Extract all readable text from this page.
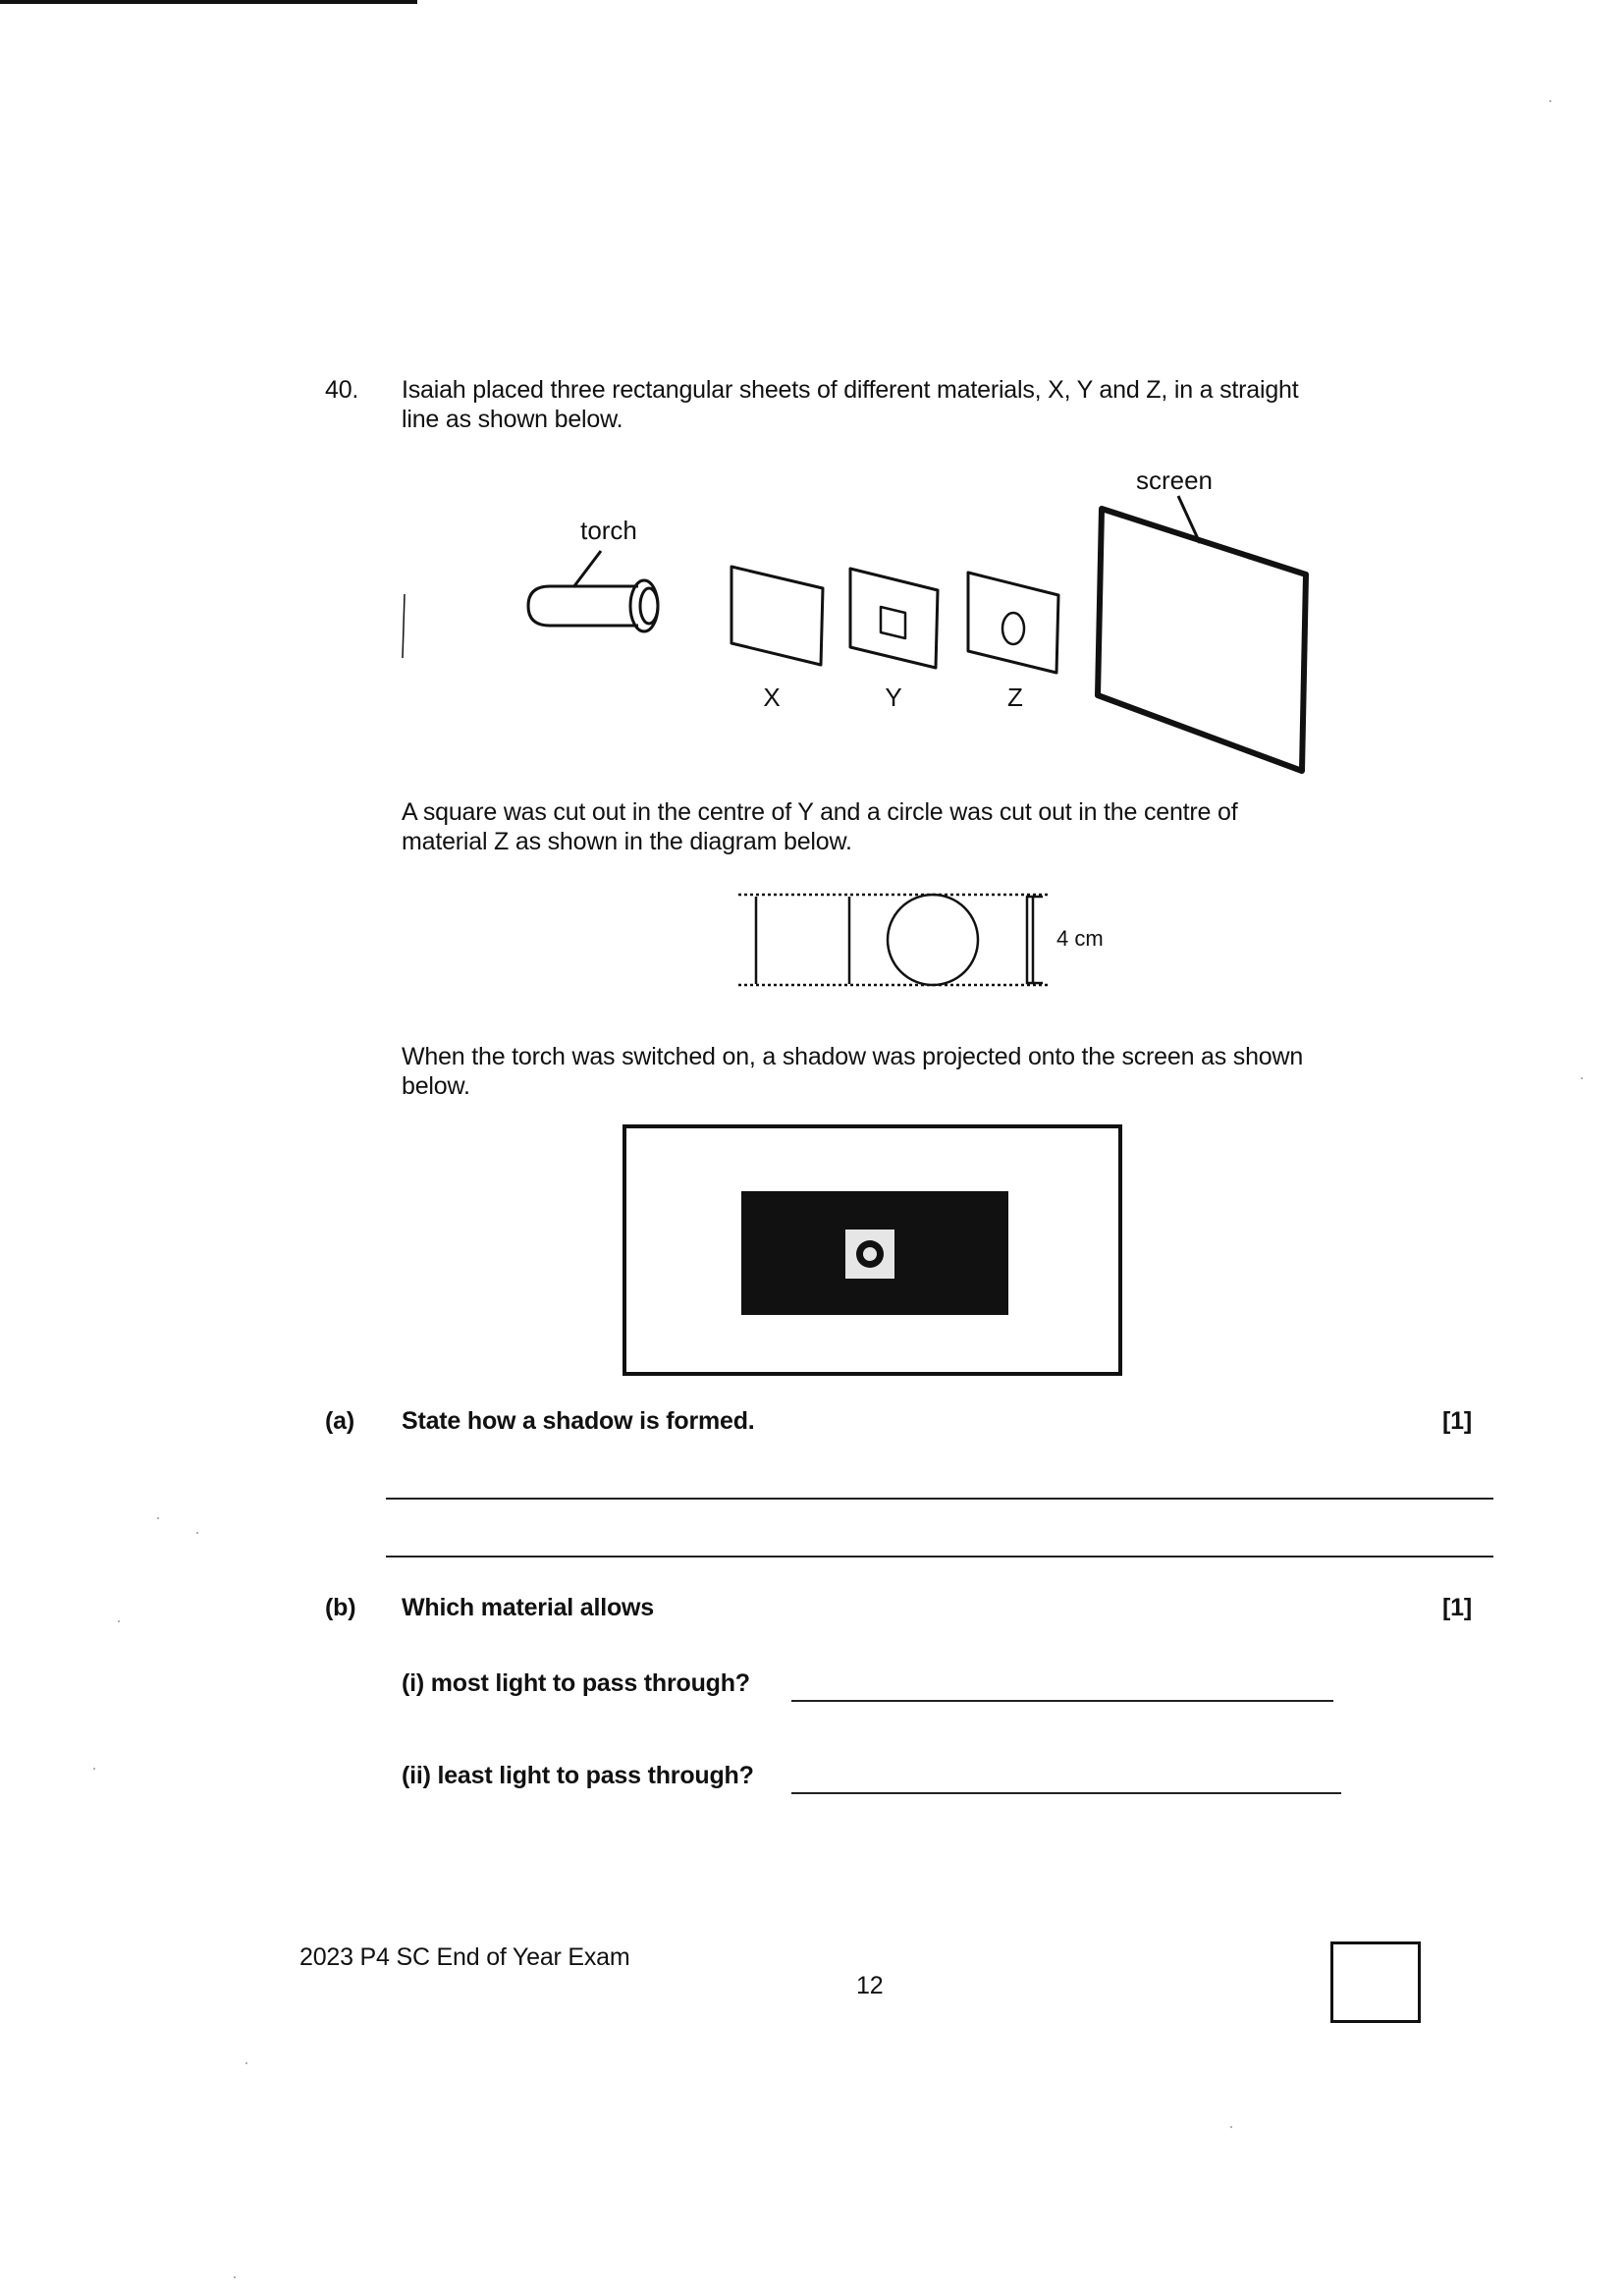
40. Isaiah placed three rectangular sheets of different materials, X, Y and Z, in a straight
line as shown below.
torch
screen
X	Y	Z
A square was cut out in the centre of Y and a circle was cut out in the centre of
material Z as shown in the diagram below.
4 cm
When the torch was switched on, a shadow was projected onto the screen as shown
below.
(a) State how a shadow is formed.	[1]
(b) Which material allows	[1]
(i) most light to pass through?
(ii) least light to pass through?
2023 P4 SC End of Year Exam
12
